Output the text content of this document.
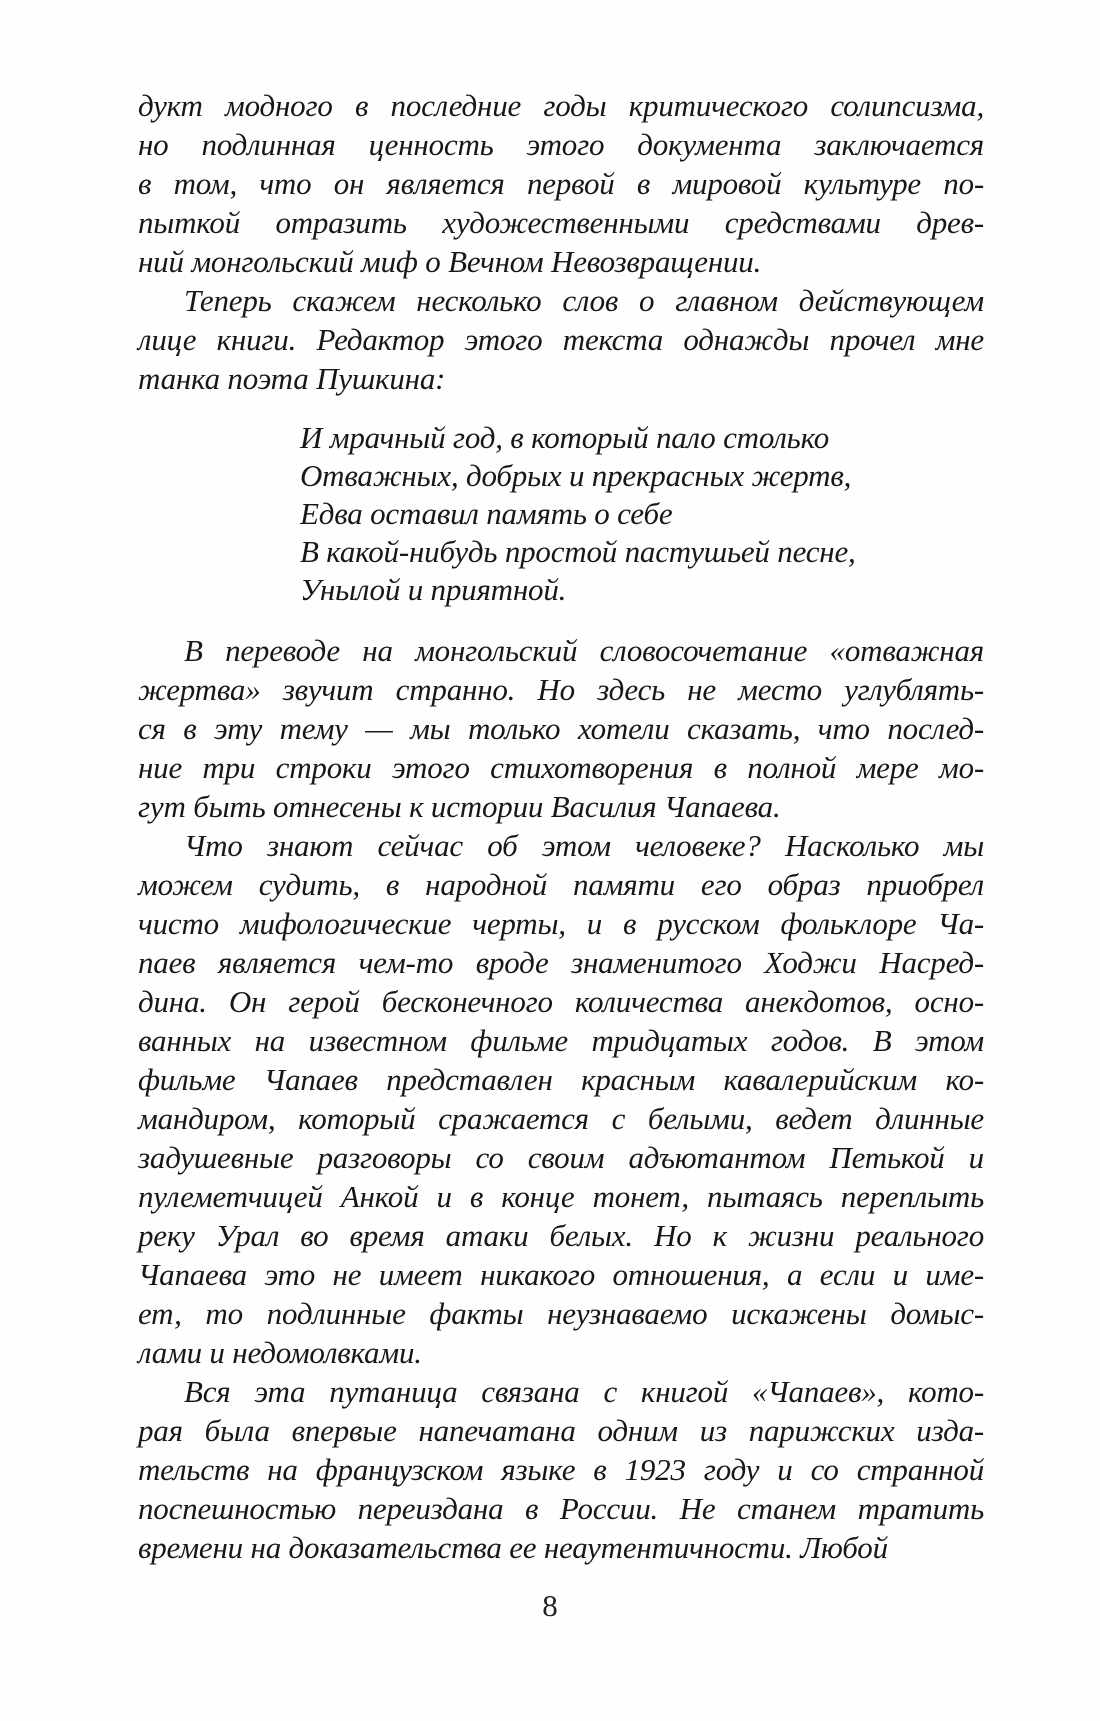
дукт модного в последние годы критического солипсизма,
но подлинная ценность этого документа заключается
в том, что он является первой в мировой культуре по-
пыткой отразить художественными средствами древ-
ний монгольский миф о Вечном Невозвращении.
Теперь скажем несколько слов о главном действующем
лице книги. Редактор этого текста однажды прочел мне
танка поэта Пушкина:
И мрачный год, в который пало столько
Отважных, добрых и прекрасных жертв,
Едва оставил память о себе
В какой-нибудь простой пастушьей песне,
Унылой и приятной.
В переводе на монгольский словосочетание «отважная
жертва» звучит странно. Но здесь не место углублять-
ся в эту тему — мы только хотели сказать, что послед-
ние три строки этого стихотворения в полной мере мо-
гут быть отнесены к истории Василия Чапаева.
Что знают сейчас об этом человеке? Насколько мы
можем судить, в народной памяти его образ приобрел
чисто мифологические черты, и в русском фольклоре Ча-
паев является чем-то вроде знаменитого Ходжи Насред-
дина. Он герой бесконечного количества анекдотов, осно-
ванных на известном фильме тридцатых годов. В этом
фильме Чапаев представлен красным кавалерийским ко-
мандиром, который сражается с белыми, ведет длинные
задушевные разговоры со своим адъютантом Петькой и
пулеметчицей Анкой и в конце тонет, пытаясь переплыть
реку Урал во время атаки белых. Но к жизни реального
Чапаева это не имеет никакого отношения, а если и име-
ет, то подлинные факты неузнаваемо искажены домыс-
лами и недомолвками.
Вся эта путаница связана с книгой «Чапаев», кото-
рая была впервые напечатана одним из парижских изда-
тельств на французском языке в 1923 году и со странной
поспешностью переиздана в России. Не станем тратить
времени на доказательства ее неаутентичности. Любой
8
